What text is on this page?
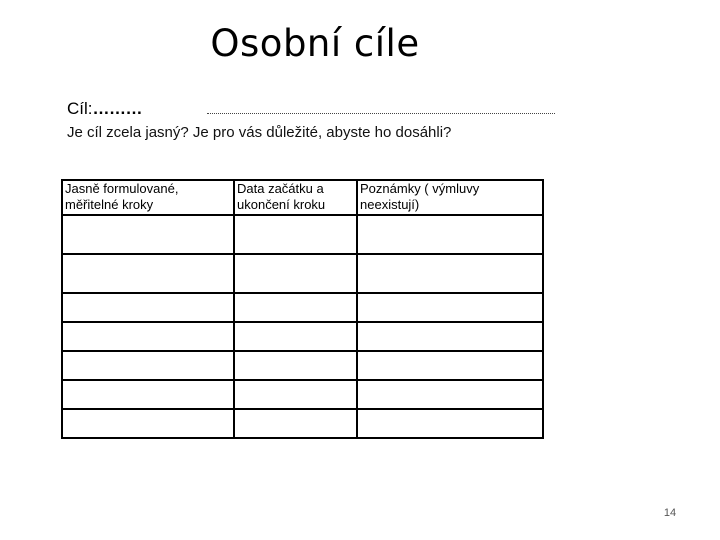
Osobní cíle
Cíl:………
Je cíl zcela jasný? Je pro vás důležité, abyste ho dosáhli?
Jasně formulované, měřitelné kroky	Data začátku a ukončení kroku	Poznámky ( výmluvy neexistují)

14
